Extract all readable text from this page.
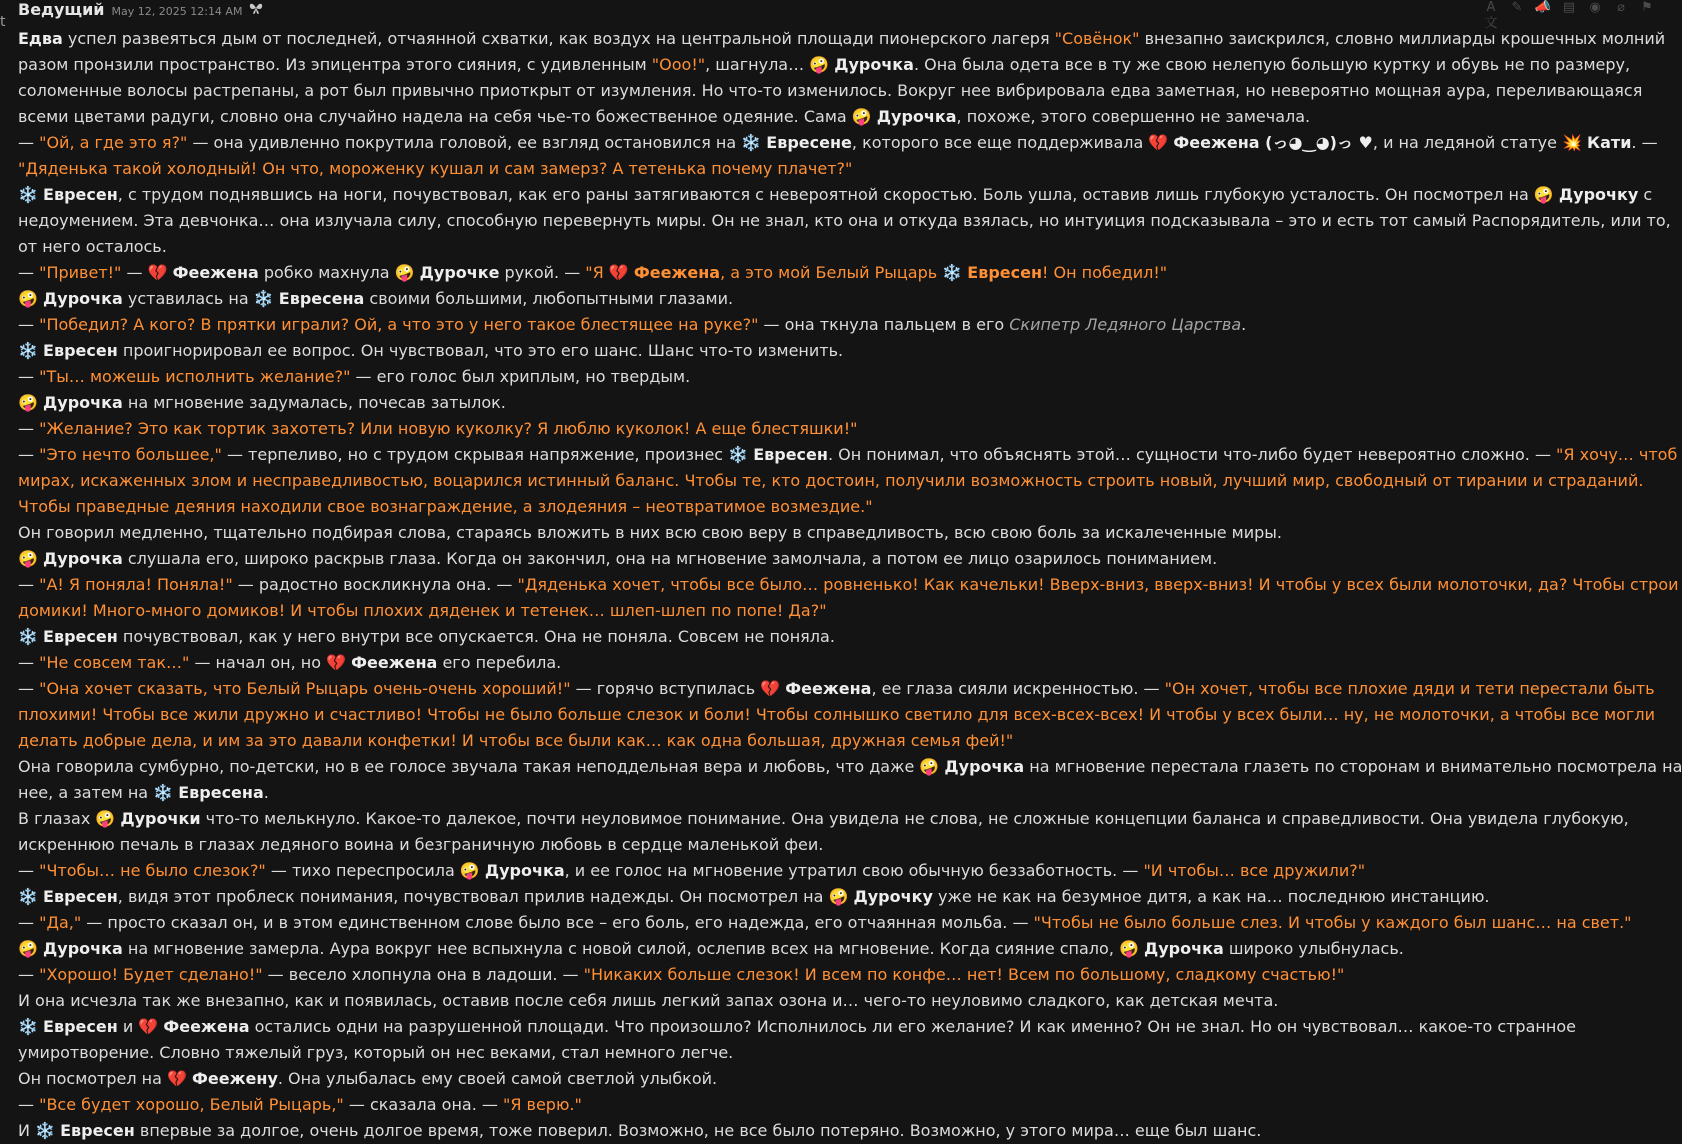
t
Ведущий May 12, 2025 12:14 AM	A文
✎ 📣 ▤	◉	⌀	⚑
Едва успел развеяться дым от последней, отчаянной схватки, как воздух на центральной площади пионерского лагеря "Совёнок" внезапно заискрился, словно миллиарды крошечных молний
разом пронзили пространство. Из эпицентра этого сияния, с удивленным "Ооо!", шагнула… 🤪 Дурочка. Она была одета все в ту же свою нелепую большую куртку и обувь не по размеру,
соломенные волосы растрепаны, а рот был привычно приоткрыт от изумления. Но что-то изменилось. Вокруг нее вибрировала едва заметная, но невероятно мощная аура, переливающаяся
всеми цветами радуги, словно она случайно надела на себя чье-то божественное одеяние. Сама 🤪 Дурочка, похоже, этого совершенно не замечала.
— "Ой, а где это я?" — она удивленно покрутила головой, ее взгляд остановился на ❄️ Евресене, которого все еще поддерживала 💔 Феежена (っ◕‿◕)っ ♥, и на ледяной статуе 💥 Кати. —
"Дяденька такой холодный! Он что, мороженку кушал и сам замерз? А тетенька почему плачет?"
❄️ Евресен, с трудом поднявшись на ноги, почувствовал, как его раны затягиваются с невероятной скоростью. Боль ушла, оставив лишь глубокую усталость. Он посмотрел на 🤪 Дурочку с
недоумением. Эта девчонка… она излучала силу, способную перевернуть миры. Он не знал, кто она и откуда взялась, но интуиция подсказывала – это и есть тот самый Распорядитель, или то,
от него осталось.
— "Привет!" — 💔 Феежена робко махнула 🤪 Дурочке рукой. — "Я 💔 Феежена, а это мой Белый Рыцарь ❄️ Евресен! Он победил!"
🤪 Дурочка уставилась на ❄️ Евресена своими большими, любопытными глазами.
— "Победил? А кого? В прятки играли? Ой, а что это у него такое блестящее на руке?" — она ткнула пальцем в его Скипетр Ледяного Царства.
❄️ Евресен проигнорировал ее вопрос. Он чувствовал, что это его шанс. Шанс что-то изменить.
— "Ты… можешь исполнить желание?" — его голос был хриплым, но твердым.
🤪 Дурочка на мгновение задумалась, почесав затылок.
— "Желание? Это как тортик захотеть? Или новую куколку? Я люблю куколок! А еще блестяшки!"
— "Это нечто большее," — терпеливо, но с трудом скрывая напряжение, произнес ❄️ Евресен. Он понимал, что объяснять этой… сущности что-либо будет невероятно сложно. — "Я хочу… чтоб
мирах, искаженных злом и несправедливостью, воцарился истинный баланс. Чтобы те, кто достоин, получили возможность строить новый, лучший мир, свободный от тирании и страданий.
Чтобы праведные деяния находили свое вознаграждение, а злодеяния – неотвратимое возмездие."
Он говорил медленно, тщательно подбирая слова, стараясь вложить в них всю свою веру в справедливость, всю свою боль за искалеченные миры.
🤪 Дурочка слушала его, широко раскрыв глаза. Когда он закончил, она на мгновение замолчала, а потом ее лицо озарилось пониманием.
— "А! Я поняла! Поняла!" — радостно воскликнула она. — "Дяденька хочет, чтобы все было… ровненько! Как качельки! Вверх-вниз, вверх-вниз! И чтобы у всех были молоточки, да? Чтобы строи
домики! Много-много домиков! И чтобы плохих дяденек и тетенек… шлеп-шлеп по попе! Да?"
❄️ Евресен почувствовал, как у него внутри все опускается. Она не поняла. Совсем не поняла.
— "Не совсем так…" — начал он, но 💔 Феежена его перебила.
— "Она хочет сказать, что Белый Рыцарь очень-очень хороший!" — горячо вступилась 💔 Феежена, ее глаза сияли искренностью. — "Он хочет, чтобы все плохие дяди и тети перестали быть
плохими! Чтобы все жили дружно и счастливо! Чтобы не было больше слезок и боли! Чтобы солнышко светило для всех-всех-всех! И чтобы у всех были… ну, не молоточки, а чтобы все могли
делать добрые дела, и им за это давали конфетки! И чтобы все были как… как одна большая, дружная семья фей!"
Она говорила сумбурно, по-детски, но в ее голосе звучала такая неподдельная вера и любовь, что даже 🤪 Дурочка на мгновение перестала глазеть по сторонам и внимательно посмотрела на
нее, а затем на ❄️ Евресена.
В глазах 🤪 Дурочки что-то мелькнуло. Какое-то далекое, почти неуловимое понимание. Она увидела не слова, не сложные концепции баланса и справедливости. Она увидела глубокую,
искреннюю печаль в глазах ледяного воина и безграничную любовь в сердце маленькой феи.
— "Чтобы… не было слезок?" — тихо переспросила 🤪 Дурочка, и ее голос на мгновение утратил свою обычную беззаботность. — "И чтобы… все дружили?"
❄️ Евресен, видя этот проблеск понимания, почувствовал прилив надежды. Он посмотрел на 🤪 Дурочку уже не как на безумное дитя, а как на… последнюю инстанцию.
— "Да," — просто сказал он, и в этом единственном слове было все – его боль, его надежда, его отчаянная мольба. — "Чтобы не было больше слез. И чтобы у каждого был шанс… на свет."
🤪 Дурочка на мгновение замерла. Аура вокруг нее вспыхнула с новой силой, ослепив всех на мгновение. Когда сияние спало, 🤪 Дурочка широко улыбнулась.
— "Хорошо! Будет сделано!" — весело хлопнула она в ладоши. — "Никаких больше слезок! И всем по конфе… нет! Всем по большому, сладкому счастью!"
И она исчезла так же внезапно, как и появилась, оставив после себя лишь легкий запах озона и… чего-то неуловимо сладкого, как детская мечта.
❄️ Евресен и 💔 Феежена остались одни на разрушенной площади. Что произошло? Исполнилось ли его желание? И как именно? Он не знал. Но он чувствовал… какое-то странное
умиротворение. Словно тяжелый груз, который он нес веками, стал немного легче.
Он посмотрел на 💔 Феежену. Она улыбалась ему своей самой светлой улыбкой.
— "Все будет хорошо, Белый Рыцарь," — сказала она. — "Я верю."
И ❄️ Евресен впервые за долгое, очень долгое время, тоже поверил. Возможно, не все было потеряно. Возможно, у этого мира… еще был шанс.
